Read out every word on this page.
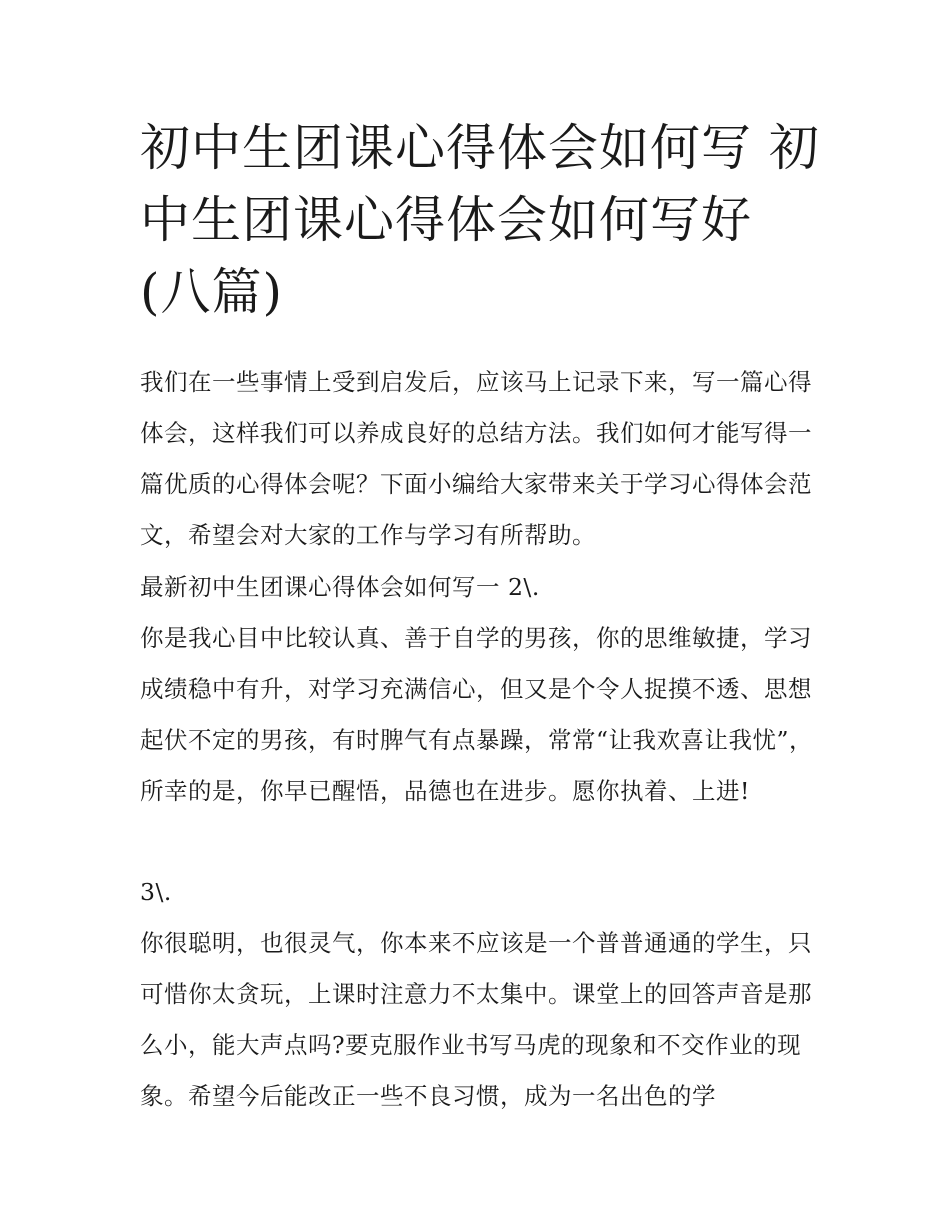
初中生团课心得体会如何写 初中生团课心得体会如何写好(八篇)

我们在一些事情上受到启发后，应该马上记录下来，写一篇心得体会，这样我们可以养成良好的总结方法。我们如何才能写得一篇优质的心得体会呢？下面小编给大家带来关于学习心得体会范文，希望会对大家的工作与学习有所帮助。

最新初中生团课心得体会如何写一 2\.

你是我心目中比较认真、善于自学的男孩，你的思维敏捷，学习成绩稳中有升，对学习充满信心，但又是个令人捉摸不透、思想起伏不定的男孩，有时脾气有点暴躁，常常“让我欢喜让我忧”，所幸的是，你早已醒悟，品德也在进步。愿你执着、上进!

3\.

你很聪明，也很灵气，你本来不应该是一个普普通通的学生，只可惜你太贪玩，上课时注意力不太集中。课堂上的回答声音是那么小，能大声点吗?要克服作业书写马虎的现象和不交作业的现象。希望今后能改正一些不良习惯，成为一名出色的学
